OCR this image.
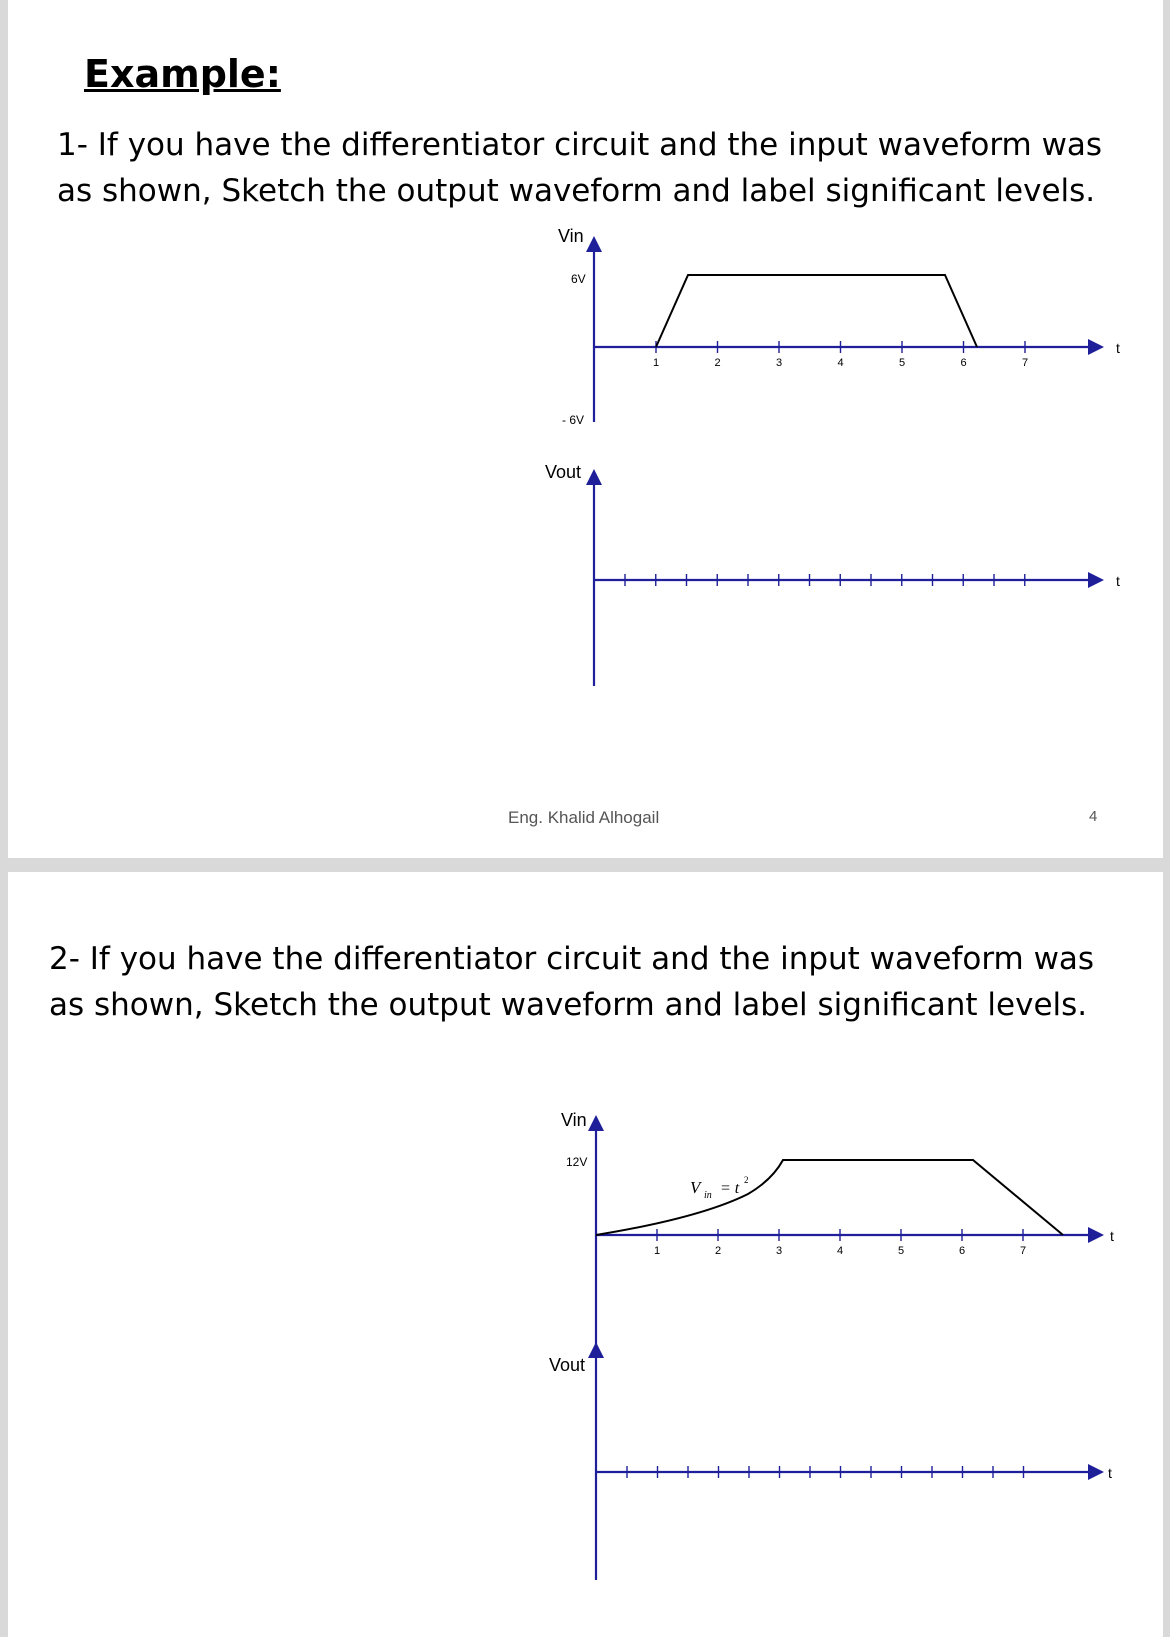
Example:

1- If you have the differentiator circuit and the input waveform was as shown, Sketch the output waveform and label significant levels.

Eng. Khalid Alhogail	4

2- If you have the differentiator circuit and the input waveform was as shown, Sketch the output waveform and label significant levels.

Vin
t
6V
- 6V
1	2	3	4	5	6	7
Vout
t
Vin
t
12V
1	2	3	4	5	6	7
V in = t 2
Vout
t
